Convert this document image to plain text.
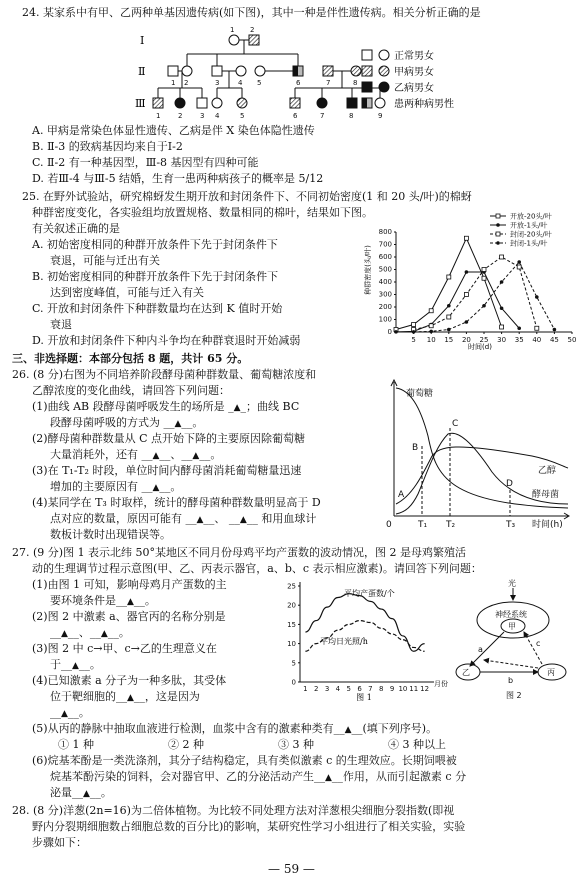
24. 某家系中有甲、乙两种单基因遗传病(如下图)，其中一种是伴性遗传病。相关分析正确的是
Ⅰ
Ⅱ
Ⅲ
1 2
1 2	3	4 5	6	7	8
1	2	3 4	5	6	7	8	9
正常男女
甲病男女
乙病男女
患两种病男性
A. 甲病是常染色体显性遗传、乙病是伴 X 染色体隐性遗传
B. Ⅱ-3 的致病基因均来自于Ⅰ-2
C. Ⅱ-2 有一种基因型，Ⅲ-8 基因型有四种可能
D. 若Ⅲ-4 与Ⅲ-5 结婚，生育一患两种病孩子的概率是 5/12
25. 在野外试验站，研究棉蚜发生期开放和封闭条件下、不同初始密度(1 和 20 头/叶)的棉蚜
种群密度变化，各实验组均放置规格、数量相同的棉叶，结果如下图。
有关叙述正确的是
A. 初始密度相同的种群开放条件下先于封闭条件下
衰退，可能与迁出有关
B. 初始密度相同的种群开放条件下先于封闭条件下
达到密度峰值，可能与迁入有关
C. 开放和封闭条件下种群数量均在达到 K 值时开始
衰退
D. 开放和封闭条件下种内斗争均在种群衰退时开始减弱
0
100
200
300
400
500
600
700
800
5 10 15 20 25 30 35 40 45 50
开放-20头/叶
开放-1头/叶
封闭-20头/叶
封闭-1头/叶
种群密度(头/叶)
时间(d)
三、非选择题：本部分包括 8 题，共计 65 分。
26. (8 分)右图为不同培养阶段酵母菌种群数量、葡萄糖浓度和
乙醇浓度的变化曲线，请回答下列问题：
(1)曲线 AB 段酵母菌呼吸发生的场所是 _▲_；曲线 BC
段酵母菌呼吸的方式为 __▲__。
(2)酵母菌种群数量从 C 点开始下降的主要原因除葡萄糖
大量消耗外，还有 __▲__、__▲__。
(3)在 T₁-T₂ 时段，单位时间内酵母菌消耗葡萄糖量迅速
增加的主要原因有 __▲__。
(4)某同学在 T₃ 时取样，统计的酵母菌种群数量明显高于 D
点对应的数量，原因可能有 __▲__、 __▲__ 和用血球计
数板计数时出现错误等。
葡萄糖
乙醇
酵母菌
A
B
C
D
T₁ T₂	T₃ 时间(h)
0
27. (9 分)图 1 表示北纬 50°某地区不同月份母鸡平均产蛋数的波动情况，图 2 是母鸡繁殖活
动的生理调节过程示意图(甲、乙、丙表示器官，a、b、c 表示相应激素)。请回答下列问题：
(1)由图 1 可知，影响母鸡月产蛋数的主
要环境条件是__▲__。
(2)图 2 中激素 a、器官丙的名称分别是
__▲__、__▲__。
(3)图 2 中 c→甲、c→乙的生理意义在
于__▲__。
(4)已知激素 a 分子为一种多肽，其受体
位于靶细胞的__▲__，这是因为
__▲__。
(5)从丙的静脉中抽取血液进行检测，血浆中含有的激素种类有__▲__(填下列序号)。
① 1 种	② 2 种	③ 3 种	④ 3 种以上
(6)烷基苯酚是一类洗涤剂，其分子结构稳定，具有类似激素 c 的生理效应。长期饲喂被
烷基苯酚污染的饲料，会对器官甲、乙的分泌活动产生__▲__作用，从而引起激素 c 分
泌量__▲__。
25
20
15
10
5
0
1 2 3 4 5 6 7 8 9 10 11 12
平均产蛋数/个
平均日光照/h
月份
图 1
光
神经系统
甲
a
c
乙
b
丙
图 2
28. (8 分)洋葱(2n=16)为二倍体植物。为比较不同处理方法对洋葱根尖细胞分裂指数(即视
野内分裂期细胞数占细胞总数的百分比)的影响，某研究性学习小组进行了相关实验，实验
步骤如下：
— 59 —
